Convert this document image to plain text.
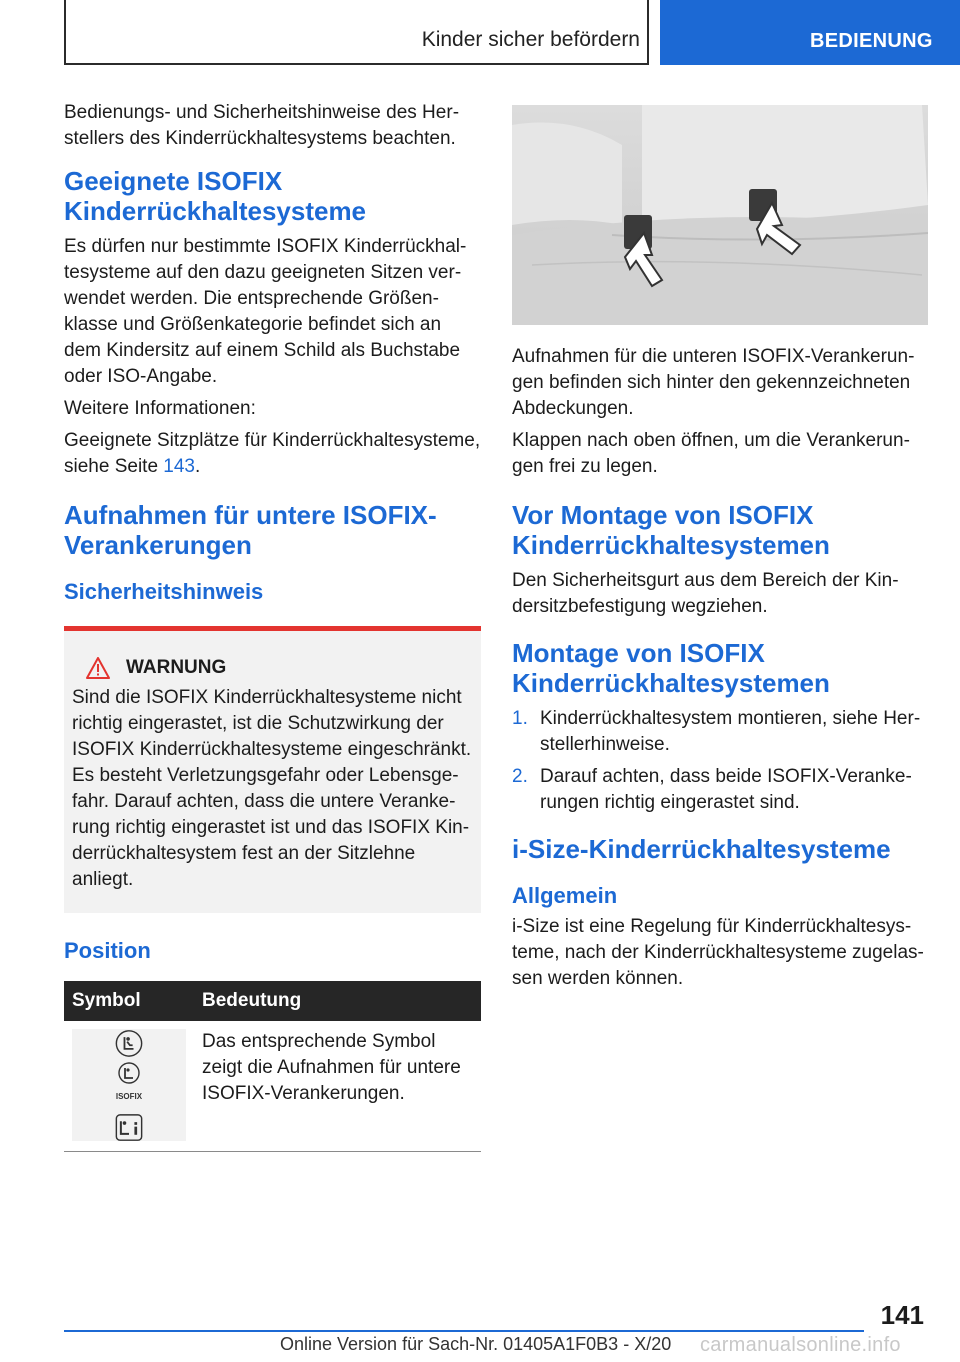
Kinder sicher befördern	BEDIENUNG

Bedienungs- und Sicherheitshinweise des Herstellers des Kinderrückhaltesystems beachten.

Geeignete ISOFIX Kinderrückhaltesysteme

Es dürfen nur bestimmte ISOFIX Kinderrückhaltesysteme auf den dazu geeigneten Sitzen verwendet werden. Die entsprechende Größenklasse und Größenkategorie befindet sich an dem Kindersitz auf einem Schild als Buchstabe oder ISO-Angabe.

Weitere Informationen:

Geeignete Sitzplätze für Kinderrückhaltesysteme, siehe Seite 143.

Aufnahmen für untere ISOFIX-Verankerungen
Sicherheitshinweis
WARNUNG

Sind die ISOFIX Kinderrückhaltesysteme nicht richtig eingerastet, ist die Schutzwirkung der ISOFIX Kinderrückhaltesysteme eingeschränkt. Es besteht Verletzungsgefahr oder Lebensgefahr. Darauf achten, dass die untere Verankerung richtig eingerastet ist und das ISOFIX Kinderrückhaltesystem fest an der Sitzlehne anliegt.

Position
Symbol	Bedeutung

ISOFIX	Das entsprechende Symbol zeigt die Aufnahmen für untere ISOFIX-Verankerungen.

Aufnahmen für die unteren ISOFIX-Verankerungen befinden sich hinter den gekennzeichneten Abdeckungen.

Klappen nach oben öffnen, um die Verankerungen frei zu legen.

Vor Montage von ISOFIX Kinderrückhaltesystemen

Den Sicherheitsgurt aus dem Bereich der Kindersitzbefestigung wegziehen.

Montage von ISOFIX Kinderrückhaltesystemen
1. Kinderrückhaltesystem montieren, siehe Herstellerhinweise.
2. Darauf achten, dass beide ISOFIX-Verankerungen richtig eingerastet sind.
i-Size-Kinderrückhaltesysteme
Allgemein

i-Size ist eine Regelung für Kinderrückhaltesysteme, nach der Kinderrückhaltesysteme zugelassen werden können.

141
Online Version für Sach-Nr. 01405A1F0B3 - X/20 carmanualsonline.info
